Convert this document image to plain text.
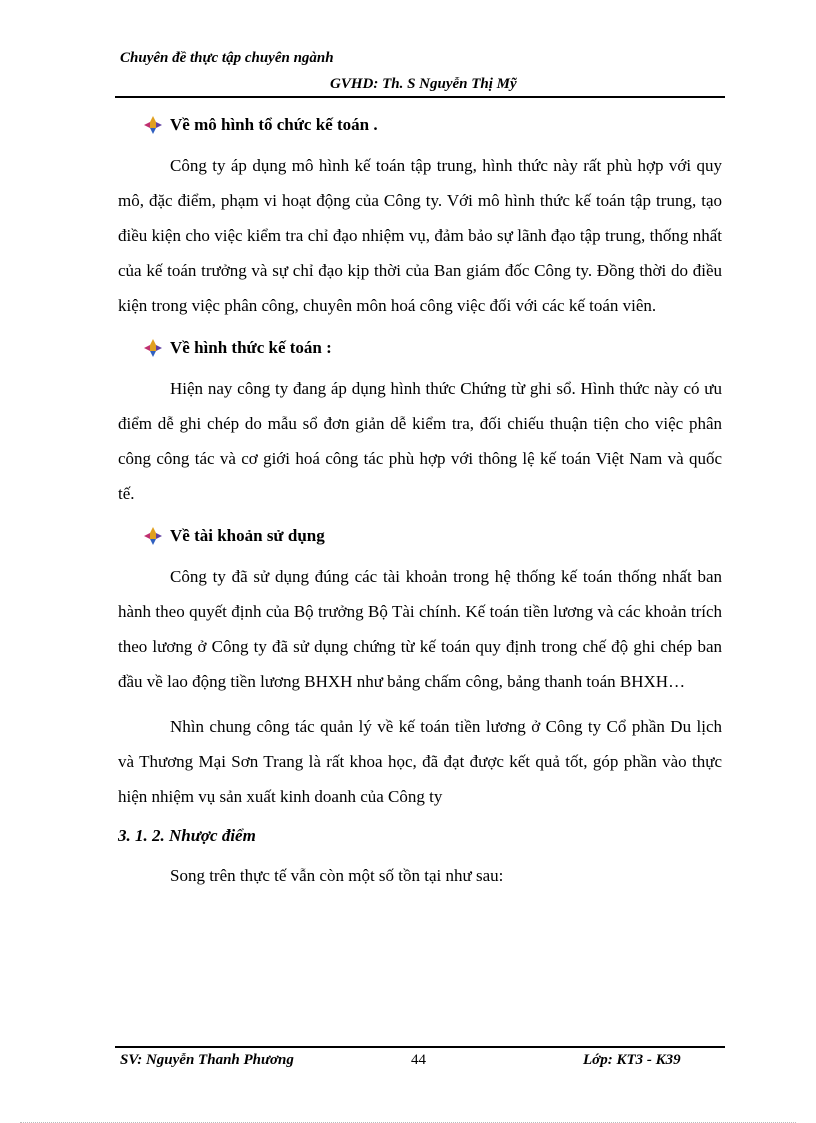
Chuyên đề thực tập chuyên ngành
GVHD: Th. S Nguyễn Thị Mỹ
Về mô hình tổ chức kế toán .

Công ty áp dụng mô hình kế toán tập trung, hình thức này rất phù hợp với quy mô, đặc điểm, phạm vi hoạt động của Công ty. Với mô hình thức kế toán tập trung, tạo điều kiện cho việc kiểm tra chỉ đạo nhiệm vụ, đảm bảo sự lãnh đạo tập trung, thống nhất của kế toán trưởng và sự chỉ đạo kịp thời của Ban giám đốc Công ty. Đồng thời do điều kiện trong việc phân công, chuyên môn hoá công việc đối với các kế toán viên.

Về hình thức kế toán :

Hiện nay công ty đang áp dụng hình thức Chứng từ ghi sổ. Hình thức này có ưu điểm dễ ghi chép do mẫu sổ đơn giản dễ kiểm tra, đối chiếu thuận tiện cho việc phân công công tác và cơ giới hoá công tác phù hợp với thông lệ kế toán Việt Nam và quốc tế.

Về tài khoản sử dụng

Công ty đã sử dụng đúng các tài khoản trong hệ thống kế toán thống nhất ban hành theo quyết định của Bộ trưởng Bộ Tài chính. Kế toán tiền lương và các khoản trích theo lương ở Công ty đã sử dụng chứng từ kế toán quy định trong chế độ ghi chép ban đầu về lao động tiền lương BHXH như bảng chấm công, bảng thanh toán BHXH…

Nhìn chung công tác quản lý về kế toán tiền lương ở Công ty Cổ phần Du lịch và Thương Mại Sơn Trang là rất khoa học, đã đạt được kết quả tốt, góp phần vào thực hiện nhiệm vụ sản xuất kinh doanh của Công ty

3. 1. 2. Nhược điểm

Song trên thực tế vẫn còn một số tồn tại như sau:

SV: Nguyễn Thanh Phương	44	Lớp: KT3 - K39
